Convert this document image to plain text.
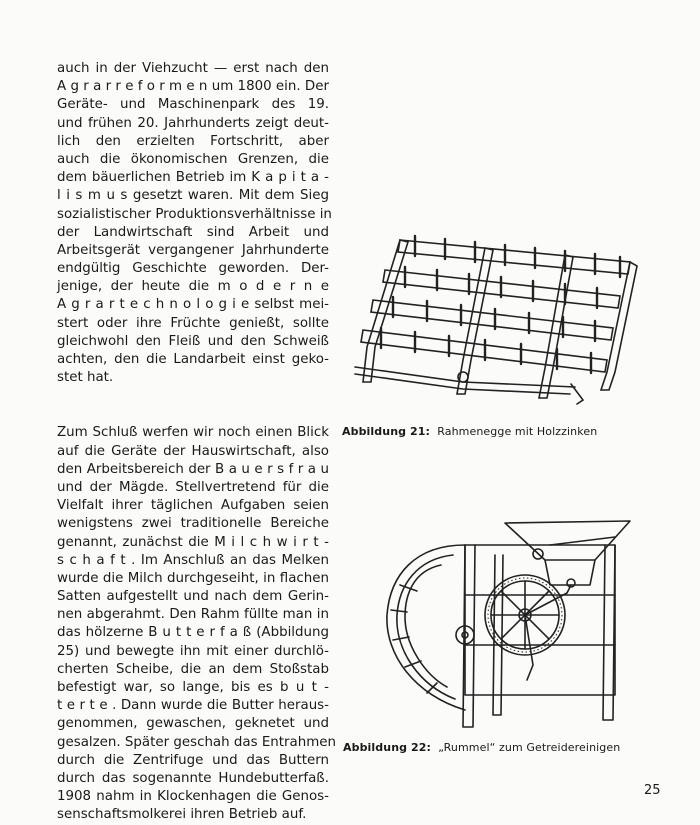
auch in der Viehzucht — erst nach den
A g r a r r e f o r m e n um 1800 ein. Der
Geräte- und Maschinenpark des 19.
und frühen 20. Jahrhunderts zeigt deut-
lich den erzielten Fortschritt, aber
auch die ökonomischen Grenzen, die
dem bäuerlichen Betrieb im K a p i t a -
l i s m u s gesetzt waren. Mit dem Sieg
sozialistischer Produktionsverhältnisse in
der Landwirtschaft sind Arbeit und
Arbeitsgerät vergangener Jahrhunderte
endgültig Geschichte geworden. Der-
jenige, der heute die m o d e r n e
A g r a r t e c h n o l o g i e selbst mei-
stert oder ihre Früchte genießt, sollte
gleichwohl den Fleiß und den Schweiß
achten, den die Landarbeit einst geko-
stet hat.
Zum Schluß werfen wir noch einen Blick
auf die Geräte der Hauswirtschaft, also
den Arbeitsbereich der B a u e r s f r a u
und der Mägde. Stellvertretend für die
Vielfalt ihrer täglichen Aufgaben seien
wenigstens zwei traditionelle Bereiche
genannt, zunächst die M i l c h w i r t -
s c h a f t . Im Anschluß an das Melken
wurde die Milch durchgeseiht, in flachen
Satten aufgestellt und nach dem Gerin-
nen abgerahmt. Den Rahm füllte man in
das hölzerne B u t t e r f a ß (Abbildung
25) und bewegte ihn mit einer durchlö-
cherten Scheibe, die an dem Stoßstab
befestigt war, so lange, bis es b u t -
t e r t e . Dann wurde die Butter heraus-
genommen, gewaschen, geknetet und
gesalzen. Später geschah das Entrahmen
durch die Zentrifuge und das Buttern
durch das sogenannte Hundebutterfaß.
1908 nahm in Klockenhagen die Genos-
senschaftsmolkerei ihren Betrieb auf.
Abbildung 21: Rahmenegge mit Holzzinken
Abbildung 22: „Rummel“ zum Getreidereinigen
25
